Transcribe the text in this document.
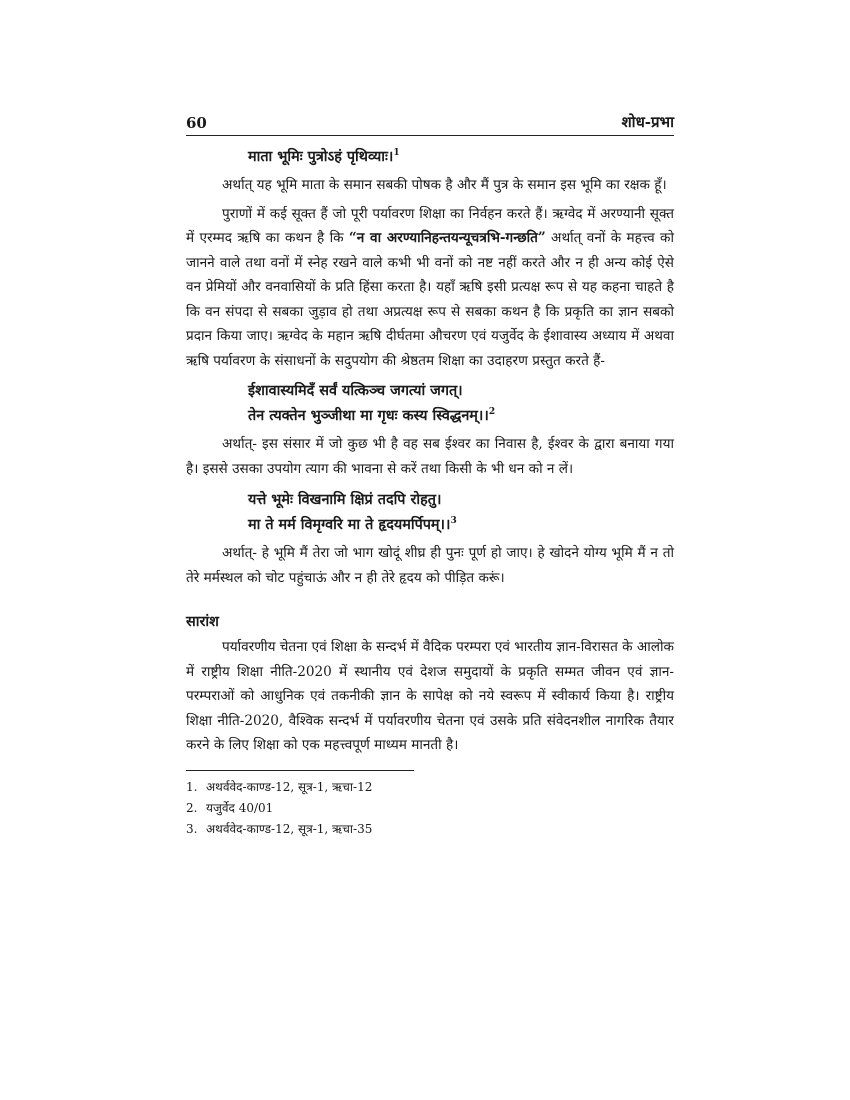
60	शोध-प्रभा

माता भूमिः पुत्रोऽहं पृथिव्याः।$^1$

अर्थात् यह भूमि माता के समान सबकी पोषक है और मैं पुत्र के समान इस भूमि का रक्षक हूँ।

पुराणों में कई सूक्त हैं जो पूरी पर्यावरण शिक्षा का निर्वहन करते हैं। ऋग्वेद में अरण्यानी सूक्त में एरम्मद ऋषि का कथन है कि “न वा अरण्यानिहन्तयन्यूचत्रभि-गन्छति” अर्थात् वनों के महत्त्व को जानने वाले तथा वनों में स्नेह रखने वाले कभी भी वनों को नष्ट नहीं करते और न ही अन्य कोई ऐसे वन प्रेमियों और वनवासियों के प्रति हिंसा करता है। यहाँ ऋषि इसी प्रत्यक्ष रूप से यह कहना चाहते है कि वन संपदा से सबका जुड़ाव हो तथा अप्रत्यक्ष रूप से सबका कथन है कि प्रकृति का ज्ञान सबको प्रदान किया जाए। ऋग्वेद के महान ऋषि दीर्घतमा औचरण एवं यजुर्वेद के ईशावास्य अध्याय में अथवा ऋषि पर्यावरण के संसाधनों के सदुपयोग की श्रेष्ठतम शिक्षा का उदाहरण प्रस्तुत करते हैं-

ईशावास्यमिदॅं सर्वं यत्किञ्च जगत्यां जगत्।

तेन त्यक्तेन भुञ्जीथा मा गृधः कस्य स्विद्धनम्।।$^2$

अर्थात्- इस संसार में जो कुछ भी है वह सब ईश्वर का निवास है, ईश्वर के द्वारा बनाया गया है। इससे उसका उपयोग त्याग की भावना से करें तथा किसी के भी धन को न लें।

यत्ते भूमेः विखनामि क्षिप्रं तदपि रोहतु।

मा ते मर्म विमृग्वरि मा ते हृदयमर्पिपम्।।$^3$

अर्थात्- हे भूमि मैं तेरा जो भाग खोदूं शीघ्र ही पुनः पूर्ण हो जाए। हे खोदने योग्य भूमि मैं न तो तेरे मर्मस्थल को चोट पहुंचाऊं और न ही तेरे हृदय को पीड़ित करूं।

सारांश

पर्यावरणीय चेतना एवं शिक्षा के सन्दर्भ में वैदिक परम्परा एवं भारतीय ज्ञान-विरासत के आलोक में राष्ट्रीय शिक्षा नीति-2020 में स्थानीय एवं देशज समुदायों के प्रकृति सम्मत जीवन एवं ज्ञान-परम्पराओं को आधुनिक एवं तकनीकी ज्ञान के सापेक्ष को नये स्वरूप में स्वीकार्य किया है। राष्ट्रीय शिक्षा नीति-2020, वैश्विक सन्दर्भ में पर्यावरणीय चेतना एवं उसके प्रति संवेदनशील नागरिक तैयार करने के लिए शिक्षा को एक महत्त्वपूर्ण माध्यम मानती है।

1. अथर्ववेद-काण्ड-12, सूत्र-1, ऋचा-12

2. यजुर्वेद 40/01

3. अथर्ववेद-काण्ड-12, सूत्र-1, ऋचा-35
